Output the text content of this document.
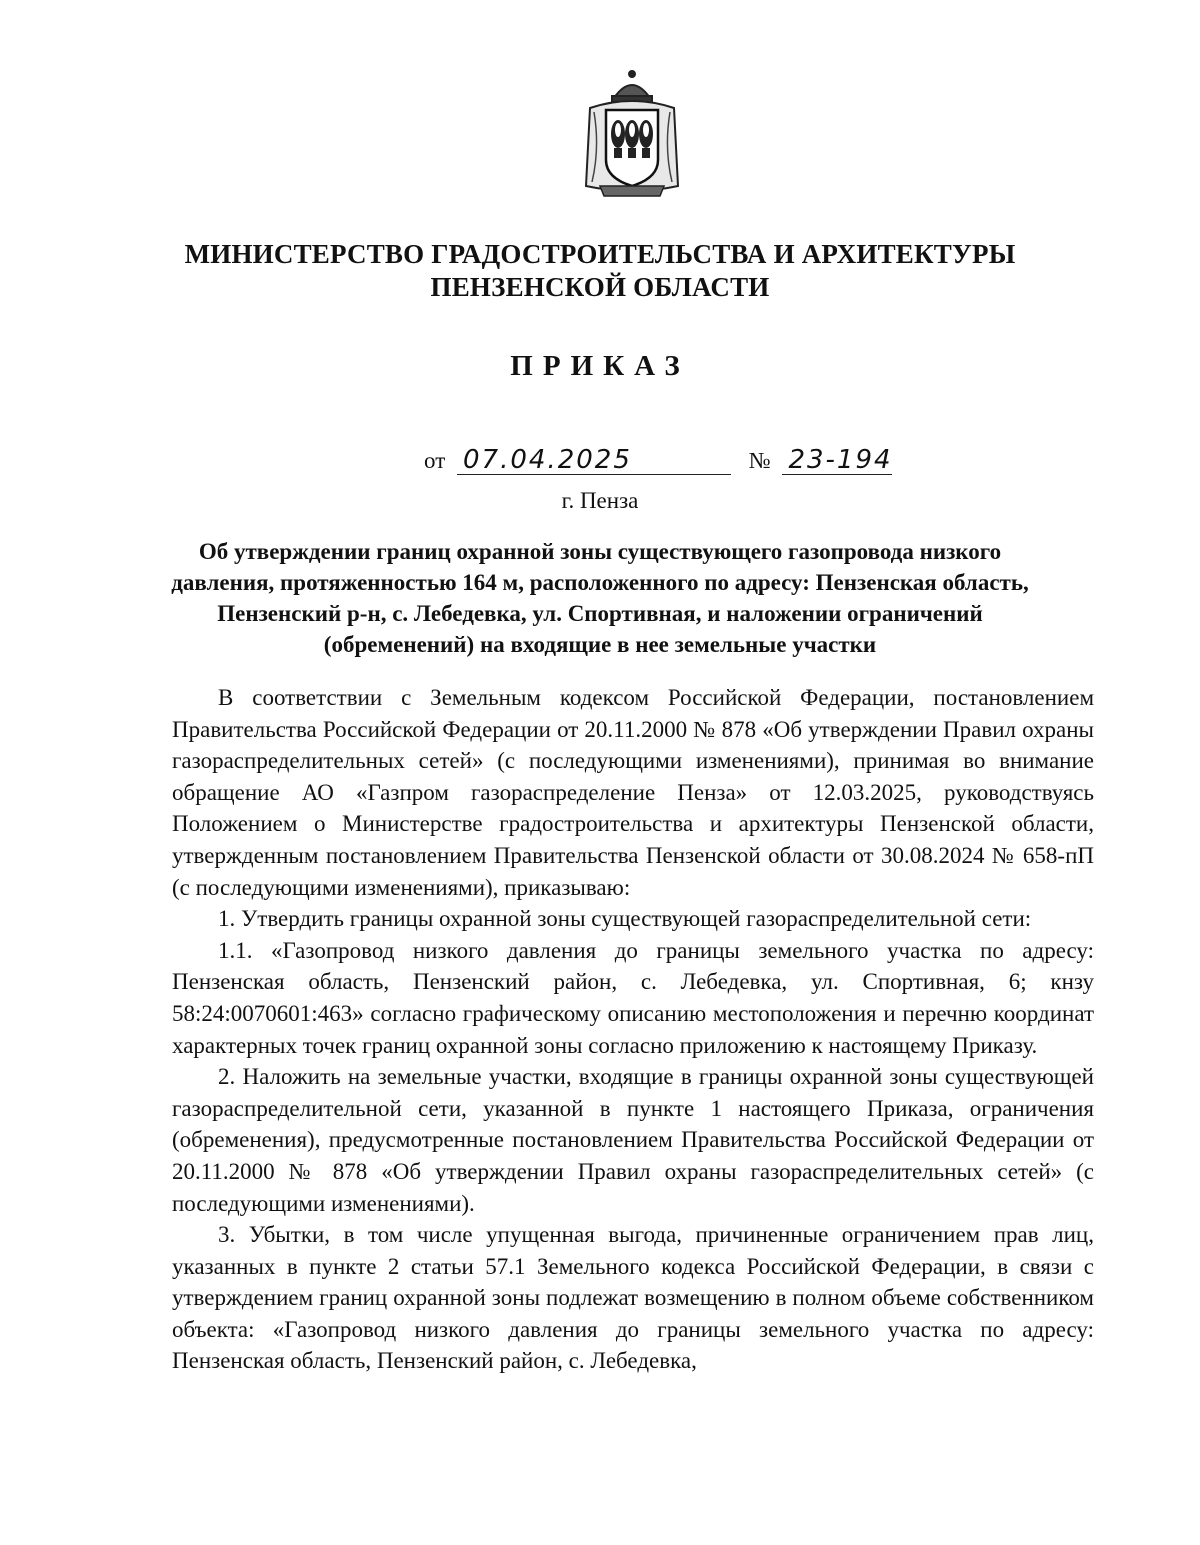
МИНИСТЕРСТВО ГРАДОСТРОИТЕЛЬСТВА И АРХИТЕКТУРЫ
ПЕНЗЕНСКОЙ ОБЛАСТИ
ПРИКАЗ
от 07.04.2025	№ 23-194
г. Пенза
Об утверждении границ охранной зоны существующего газопровода низкого давления, протяженностью 164 м, расположенного по адресу: Пензенская область, Пензенский р-н, с. Лебедевка, ул. Спортивная, и наложении ограничений (обременений) на входящие в нее земельные участки

В соответствии с Земельным кодексом Российской Федерации, постановлением Правительства Российской Федерации от 20.11.2000 № 878 «Об утверждении Правил охраны газораспределительных сетей» (с последующими изменениями), принимая во внимание обращение АО «Газпром газораспределение Пенза» от 12.03.2025, руководствуясь Положением о Министерстве градостроительства и архитектуры Пензенской области, утвержденным постановлением Правительства Пензенской области от 30.08.2024 № 658-пП (с последующими изменениями), приказываю:

1. Утвердить границы охранной зоны существующей газораспределительной сети:

1.1. «Газопровод низкого давления до границы земельного участка по адресу: Пензенская область, Пензенский район, с. Лебедевка, ул. Спортивная, 6; кнзу 58:24:0070601:463» согласно графическому описанию местоположения и перечню координат характерных точек границ охранной зоны согласно приложению к настоящему Приказу.

2. Наложить на земельные участки, входящие в границы охранной зоны существующей газораспределительной сети, указанной в пункте 1 настоящего Приказа, ограничения (обременения), предусмотренные постановлением Правительства Российской Федерации от 20.11.2000 № 878 «Об утверждении Правил охраны газораспределительных сетей» (с последующими изменениями).

3. Убытки, в том числе упущенная выгода, причиненные ограничением прав лиц, указанных в пункте 2 статьи 57.1 Земельного кодекса Российской Федерации, в связи с утверждением границ охранной зоны подлежат возмещению в полном объеме собственником объекта: «Газопровод низкого давления до границы земельного участка по адресу: Пензенская область, Пензенский район, с. Лебедевка,
